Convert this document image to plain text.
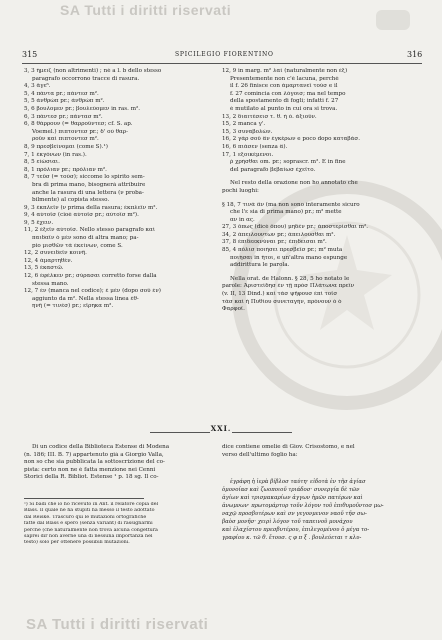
SA Tutti i diritti riservati
315	SPICILEGIO FIORENTINO	316
3, 3 ἤμειζ (non altrimenti) ; nè a l. b dello stesso
paragrafo occorrono tracce di rasura.
4, 3 ἄγε⁶.
5, 4 πάντα pr.; πάντεσ m².
5, 5 ἀνθρώπ pr.; ἀνθρώπ m².
5, 6 βουλομεν pr.; βουλεύομεν in ras. m².
6, 3 πάντεσ pr.; πάντασ m².
6, 8 θάρρουν (= θαρροῦντεσ; cf. S. ap.
Voemel.) πιπτοντεσ pr.; δ' οὐ θαρ-
ροῦν καὶ πιπτοντεσ m².
8, 9 πρεσβείνομαι (come S).¹)
7, 1 ἐκγόνων (in ras.).
8, 5 εἰώσιαι.
8, 1 πρόλιαν pr.; πρόλιαν m².
8, 7 τεῦσ (= τοὺσ); siccome lo spirito sem-
bra di prima mano, bisognerà attribuire
anche la rasura di una lettera (ν proba-
bilmente) al copista stesso.
9, 3 ἐκπλεῖν (ν prima della rasura; ἐκπλεῖν m².
9, 4 αὐτοῖσ (cioè αὐτοῖσ pr.; αὐτοῖσ m²).
9, 5 ἔχειν.
11, 2 ἐξεῖν αὐτοῖσ. Nello stesso paragrafo καὶ
παιδαῖν ὁ μὲν sono di altra mano; pa-
pio μισθῶν τὰ ἐκείνων, come S.
12, 2 συνειδεῖν κοινῆ.
12, 4 ἀμαρτηθέν.
13, 5 ἐκαστῶ.
12, 6 ἐφέλκεν pr.; σύρασαι corretto forse dalla
stessa mano.
12, 7 ἐν (manca nel codice); ἐ μὲν (dopo σοῦ ἐν)
aggiunto da m². Nella stessa linea ἐθ-
ηνῆ (= τινὲσ) pr.; εἴρηκα m².
12, 9 in marg. m² λαί (naturalmente non ἐξ)
Presentemente non c'è lacuna, perchè
il f. 26 finisce con ἀμαρτανεῖ τοὺσ e il
f. 27 comincia con λόγοισ; ma nel tempo
della spostamento di fogli; infatti f. 27
è mutilato al punto in cui ora si trova.
13, 2 διαιτέσεισ τ. θ. ἦ ὁ. ἀξιοῦν.
15, 2 manca γ'.
15, 3 συναβολών.
16, 2 γὰρ σοῦ ἂν ἐγκέρων e poco dopo καταβάσ.
16, 6 πιάσεν (senza ἂ).
17, 1 εξοικέμενοι.
ῥ χρήσθαι om. pr.; soprascr. m². E in fine
del paragrafo βεβαίωσ ἐχεῖτο.
Nel resto della orazione non ho annotato che
pochi luoghi:
§ 18, 7 τινὰ ἂν (ma non sono interamente sicuro
che l'ε sia di prima mano) pr.; m² mette
αν in ας.
27, 3 ὅπως (dicè ὅπου) μηδὲν pr.; ἀποστερίσθαι m².
34, 2 ἀπειλουντων pr.; ἀπειλουσθαι m².
37, 8 ἐπιδεεκνύναι pr.; ἐπιδεισαι m².
85, 4 πόλισ ποιήσει πρεσβεῖσ pr.; m² muta
ποιήσαι in ἤτοι, e un'altra mano espunge
addirittura le parola.
Nella orat. de Halonn. § 28, 5 ho notato le
parole: Ἀριστείδησ ἐν τῇ πρὸσ Πλάτωνα πρεῖν
(v. II, 13 Dind.) καὶ τάσ ψῆφουσ ἐπὶ τοῖσ
τὰσ καὶ ἡ Πυθίου συνεταγὴν, πρὸνουν ὁ ὁ
Φαρφοῖ.
XXI.
Di un codice della Biblioteca Estense di Modena
(n. 186; III. B. 7) appartenuto già a Giorgio Valla,
non so che sia pubblicata la sottoscrizione del co-
pista: certo non ne è fatta menzione nei Cenni
Storici della R. Bibliot. Estense ¹ p. 18 sg. Il co-
¹) Si badi che io ho ricevuto in Ant. il relatore copia del
Blass. Il quale ne ha stupiti ha messo il testo adottato
dal Reiske. Trascuro qui le mutazioni ortografiche
fatte dal Blass e spero (senza variant) di rassignarmi
perchè (che naturalmente non trova alcuna congettura
saprei dir non averne una di nessuna importanza nel
testo) solo per ottenere possibili mutazioni.
dice contiene omelie di Giov. Crisostomo, e nel
verso dell'ultimo foglio ha:
ἐγράφη ἡ ἱερὰ βίβλοσ ταύτη· εἰδοτὰ ἐν τῆσ ἁγίασ
ὁμονοίασ καὶ ζωοποιοῦ τριάδοσ· συνεργία δὲ τῶν
ἀγίων καὶ τρισμακαρίων ἀγγων ἡμῶν πατέρων καὶ
ἀνωμνων· πρωτομάρτυρ τοῦν λόγον τοῦ ἐπιθυμοῦντοσ μω-
ναχῷ προσβυτέρων καὶ σν γεγονμενον ναοῦ τῆσ σω-
βαὸσ μονῆσ· χειρὶ λόγον τοῦ ταπεινοῦ μονάχου
καὶ ἐλαχίστου πρεσβυτέρου, ἐπιλεγομένου ὁ μέγα το-
γραφίου κ. τῶ θ. ἔτουσ. ς φ π ξ . βουλεύεται τ κλυ-
SA Tutti i diritti riservati
